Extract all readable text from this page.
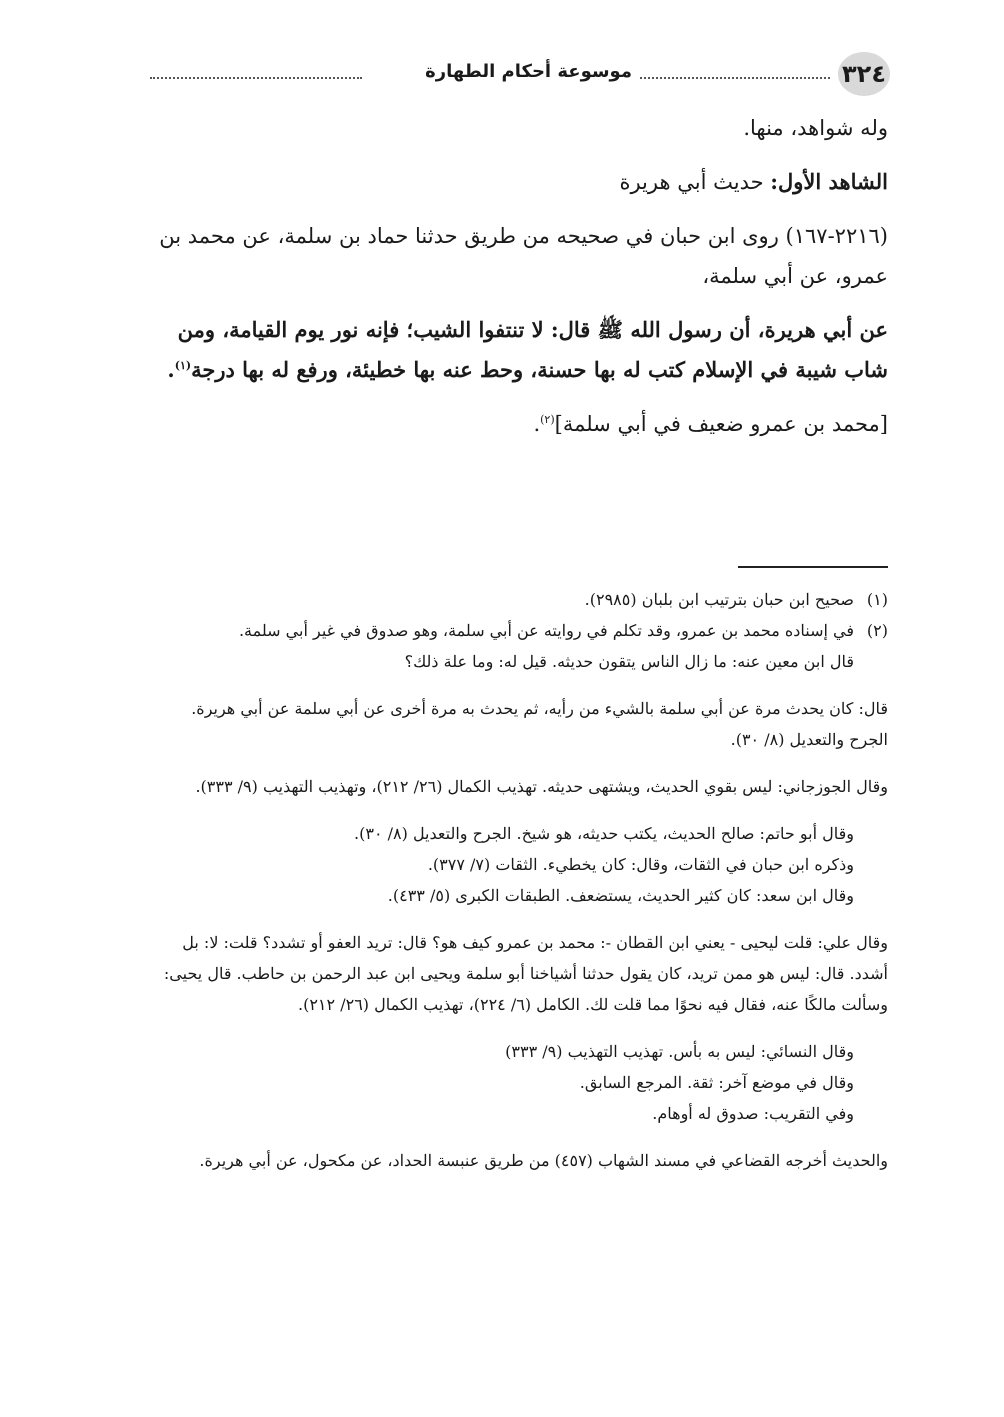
٣٢٤
موسوعة أحكام الطهارة

وله شواهد، منها.

الشاهد الأول: حديث أبي هريرة

(٢٢١٦-١٦٧) روى ابن حبان في صحيحه من طريق حدثنا حماد بن سلمة، عن محمد بن عمرو، عن أبي سلمة،

عن أبي هريرة، أن رسول الله ﷺ قال: لا تنتفوا الشيب؛ فإنه نور يوم القيامة، ومن شاب شيبة في الإسلام كتب له بها حسنة، وحط عنه بها خطيئة، ورفع له بها درجة$^{(١)}$.

[محمد بن عمرو ضعيف في أبي سلمة]$^{(٢)}$.

(١)
صحيح ابن حبان بترتيب ابن بلبان (٢٩٨٥).
(٢)
في إسناده محمد بن عمرو، وقد تكلم في روايته عن أبي سلمة، وهو صدوق في غير أبي سلمة.

قال ابن معين عنه: ما زال الناس يتقون حديثه. قيل له: وما علة ذلك؟

قال: كان يحدث مرة عن أبي سلمة بالشيء من رأيه، ثم يحدث به مرة أخرى عن أبي سلمة عن أبي هريرة. الجرح والتعديل (٨/ ٣٠).

وقال الجوزجاني: ليس بقوي الحديث، ويشتهى حديثه. تهذيب الكمال (٢٦/ ٢١٢)، وتهذيب التهذيب (٩/ ٣٣٣).

وقال أبو حاتم: صالح الحديث، يكتب حديثه، هو شيخ. الجرح والتعديل (٨/ ٣٠).

وذكره ابن حبان في الثقات، وقال: كان يخطيء. الثقات (٧/ ٣٧٧).

وقال ابن سعد: كان كثير الحديث، يستضعف. الطبقات الكبرى (٥/ ٤٣٣).

وقال علي: قلت ليحيى - يعني ابن القطان -: محمد بن عمرو كيف هو؟ قال: تريد العفو أو تشدد؟ قلت: لا: بل أشدد. قال: ليس هو ممن تريد، كان يقول حدثنا أشياخنا أبو سلمة ويحيى ابن عبد الرحمن بن حاطب. قال يحيى: وسألت مالكًا عنه، فقال فيه نحوًا مما قلت لك. الكامل (٦/ ٢٢٤)، تهذيب الكمال (٢٦/ ٢١٢).

وقال النسائي: ليس به بأس. تهذيب التهذيب (٩/ ٣٣٣)

وقال في موضع آخر: ثقة. المرجع السابق.

وفي التقريب: صدوق له أوهام.

والحديث أخرجه القضاعي في مسند الشهاب (٤٥٧) من طريق عنبسة الحداد، عن مكحول، عن أبي هريرة.
